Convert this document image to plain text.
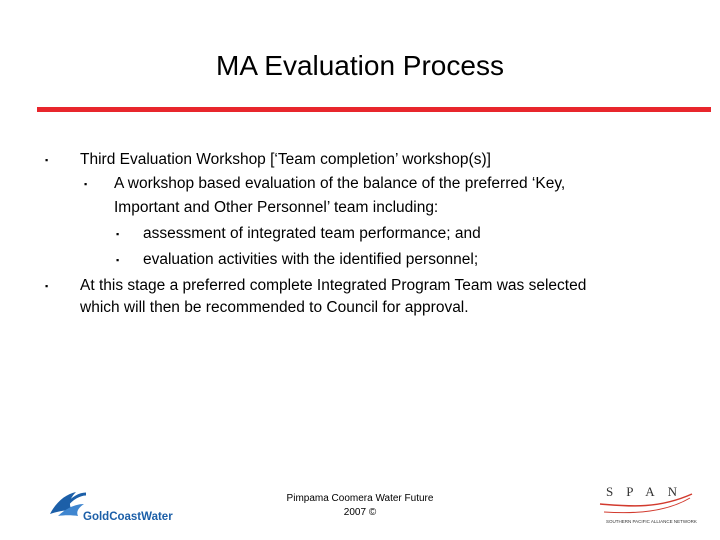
MA Evaluation Process
▪ Third Evaluation Workshop [‘Team completion’ workshop(s)]
▪ A workshop based evaluation of the balance of the preferred ‘Key,
Important and Other Personnel’ team including:
▪ assessment of integrated team performance; and
▪ evaluation activities with the identified personnel;
▪ At this stage a preferred complete Integrated Program Team was selected
which will then be recommended to Council for approval.
GoldCoastWater
Pimpama Coomera Water Future
2007 ©
SPAN
SOUTHERN PACIFIC ALLIANCE NETWORK
